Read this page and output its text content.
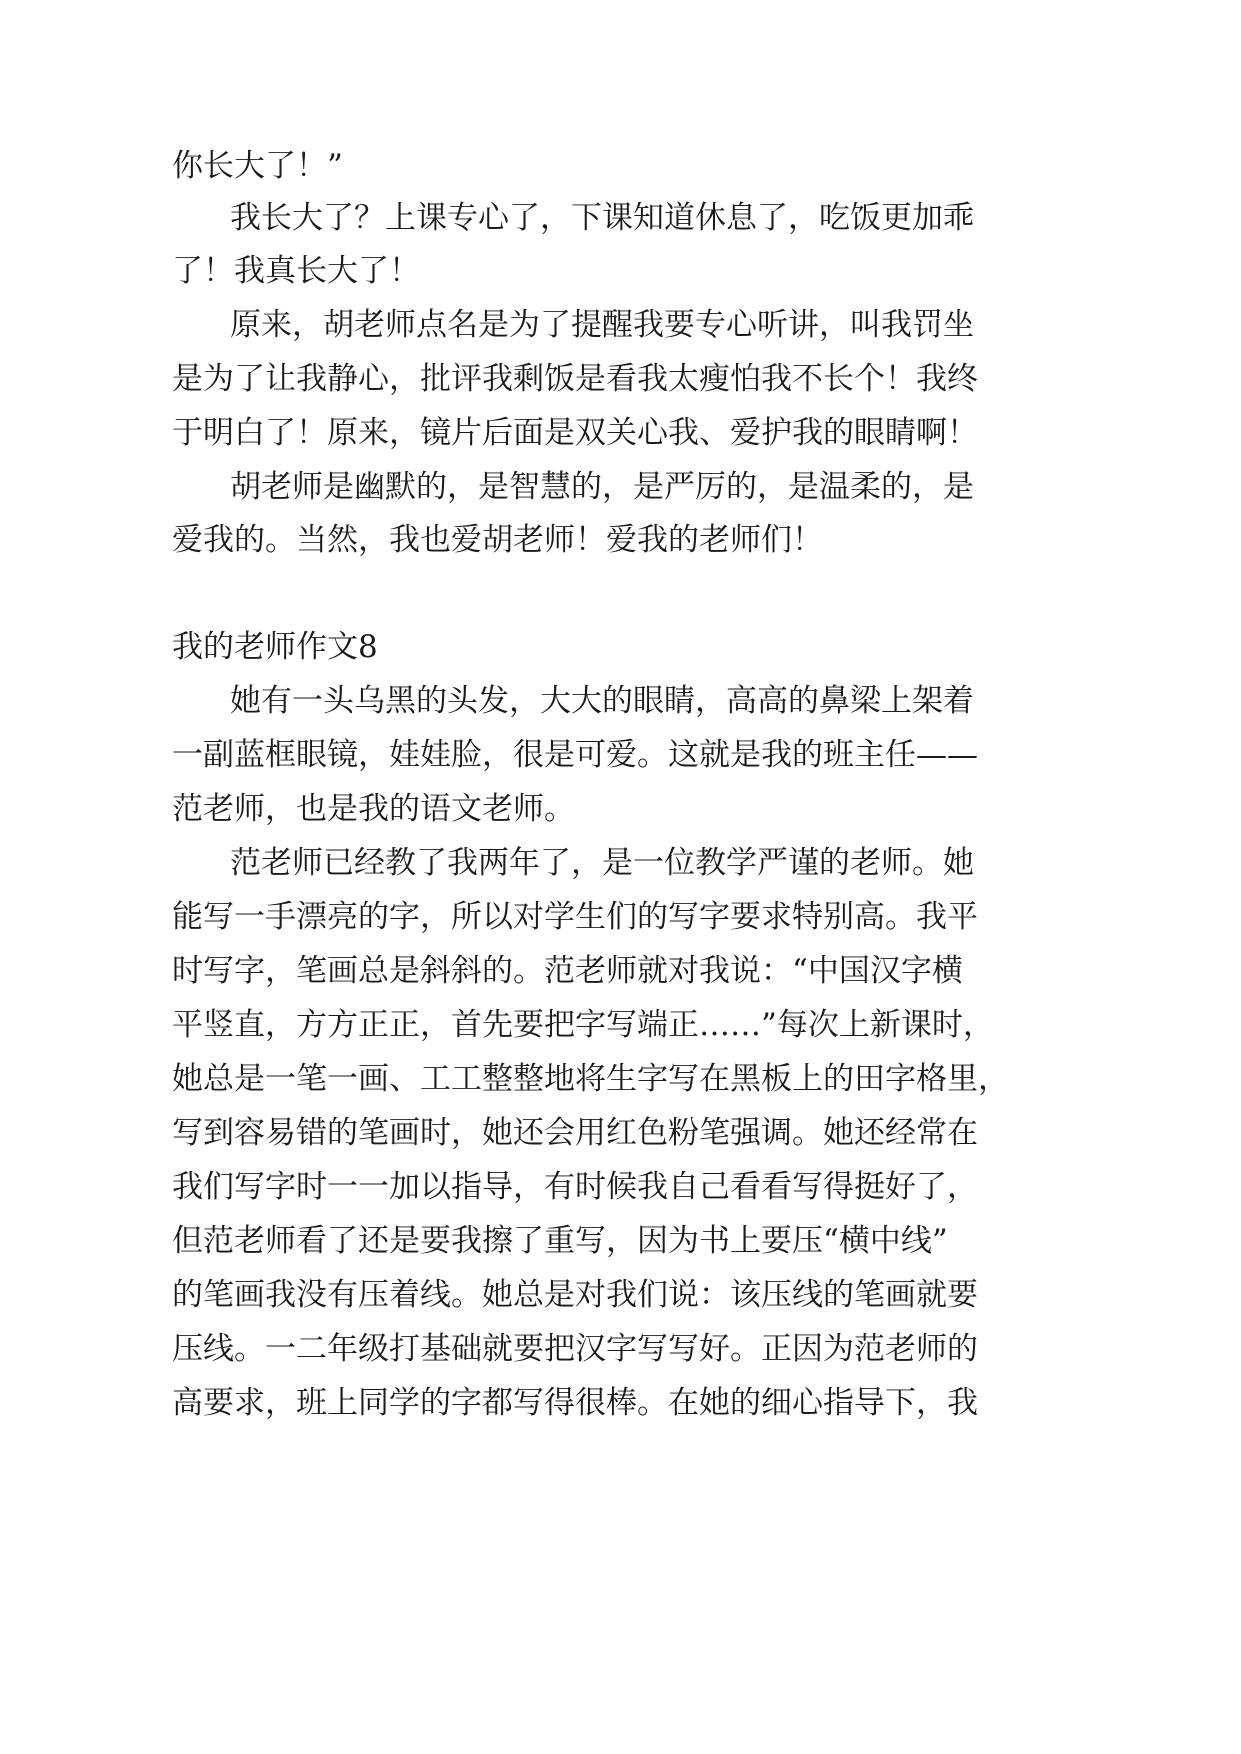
你长大了！”
我长大了？上课专心了，下课知道休息了，吃饭更加乖
了！我真长大了！
原来，胡老师点名是为了提醒我要专心听讲，叫我罚坐
是为了让我静心，批评我剩饭是看我太瘦怕我不长个！我终
于明白了！原来，镜片后面是双关心我、爱护我的眼睛啊！
胡老师是幽默的，是智慧的，是严厉的，是温柔的，是
爱我的。当然，我也爱胡老师！爱我的老师们！
我的老师作文8
她有一头乌黑的头发，大大的眼睛，高高的鼻梁上架着
一副蓝框眼镜，娃娃脸，很是可爱。这就是我的班主任——
范老师，也是我的语文老师。
范老师已经教了我两年了，是一位教学严谨的老师。她
能写一手漂亮的字，所以对学生们的写字要求特别高。我平
时写字，笔画总是斜斜的。范老师就对我说：“中国汉字横
平竖直，方方正正，首先要把字写端正……”每次上新课时，
她总是一笔一画、工工整整地将生字写在黑板上的田字格里，
写到容易错的笔画时，她还会用红色粉笔强调。她还经常在
我们写字时一一加以指导，有时候我自己看看写得挺好了，
但范老师看了还是要我擦了重写，因为书上要压“横中线”
的笔画我没有压着线。她总是对我们说：该压线的笔画就要
压线。一二年级打基础就要把汉字写写好。正因为范老师的
高要求，班上同学的字都写得很棒。在她的细心指导下，我
